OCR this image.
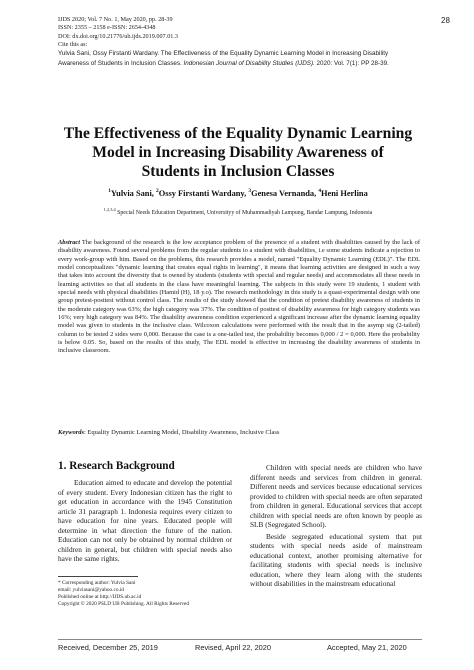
IJDS 2020; Vol. 7 No. 1, May 2020, pp. 28-39
ISSN: 2355 – 2158 e-ISSN: 2654-4348
DOI: dx.doi.org/10.21776/ub.ijds.2019.007.01.3
Cite this as:
Yulvia Sani, Ossy Firstanti Wardany. The Effectiveness of the Equality Dynamic Learning Model in Increasing Disability Awareness of Students in Inclusion Classes. Indonesian Journal of Disability Studies (IJDS). 2020: Vol. 7(1): PP 28-39.
28
The Effectiveness of the Equality Dynamic Learning
Model in Increasing Disability Awareness of
Students in Inclusion Classes
$^1$Yulvia Sani, $^2$Ossy Firstanti Wardany, $^3$Genesa Vernanda, $^4$Heni Herlina
$^{1,2,3,4}$ Special Needs Education Department, Universityy of Muhammadiyah Lampung, Bandar Lampung, Indonesia
Abstract The background of the research is the low acceptance problem of the presence of a student with disabilities caused by the lack of disability awareness. Found several problems from the regular students to a student with disabilities, i.e some students indicate a rejection to every work-group with him. Based on the problems, this research provides a model, named "Equality Dynamic Learning (EDL)". The EDL model conceptualizes "dynamic learning that creates equal rights in learning", it means that learning activities are designed in such a way that takes into account the diversity that is owned by students (students with special and regular needs) and accommodates all these needs in learning activities so that all students in the class have meaningful learning. The subjects in this study were 19 students, 1 student with special needs with physical disabilities (Hamid (H), 18 y.o). The research methodology in this study is a quasi-experimental design with one group pretest-posttest without control class. The results of the study showed that the condition of pretest disability awareness of students in the moderate category was 63%; the high category was 37%. The condition of posttest of disability awareness for high category students was 16%; very high category was 84%. The disability awareness condition experienced a significant increase after the dynamic learning equality model was given to students in the inclusive class. Wilcoxon calculations were performed with the result that in the asymp sig (2-tailed) column to be tested 2 sides were 0,000. Because the case is a one-tailed test, the probability becomes 0,000 / 2 = 0,000. Here the probability is below 0.05. So, based on the results of this study, The EDL model is effective in increasing the disability awareness of students in inclusive classroom.
Keywords: Equality Dynamic Learning Model, Disability Awareness, Inclusive Class
1. Research Background

Education aimed to educate and develop the potential of every student. Every Indonesian citizen has the right to get education in accordance with the 1945 Constitution article 31 paragraph 1. Indonesia requires every citizen to have education for nine years. Educated people will determine in what direction the future of the nation. Education can not only be obtained by normal children or children in general, but children with special needs also have the same rights.

Children with special needs are children who have different needs and services from children in general. Different needs and services because educational services provided to children with special needs are often separated from children in general. Educational services that accept children with special needs are often known by people as SLB (Segregated School).

Beside segregated educational system that put students with special needs aside of mainstream educational context, another promising alternative for facilitating students with special needs is inclusive education, where they learn along with the students without disabilities in the mainstream educational

* Corresponding author: Yulvia Sani
email: yulviasani@yahoo.co.id
Published online at http://IJDS.ub.ac.id
Copyright © 2020 PSLD UB Publishing. All Rights Reserved
Received, December 25, 2019	Revised, April 22, 2020	Accepted, May 21, 2020
